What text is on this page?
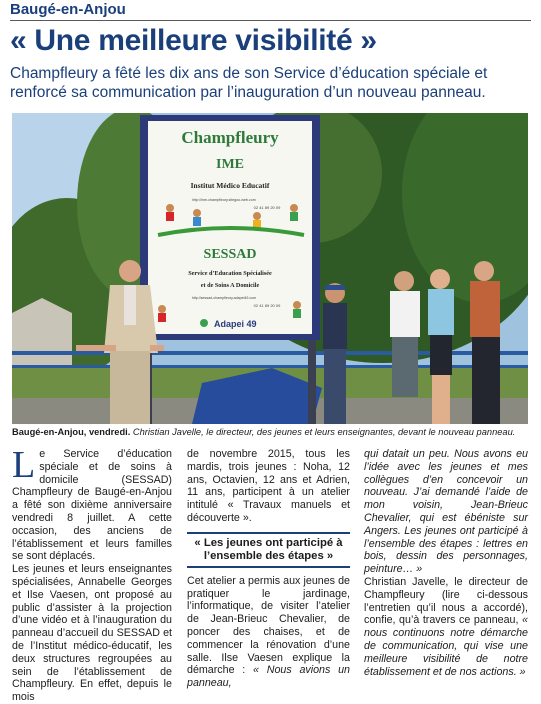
Baugé-en-Anjou
« Une meilleure visibilité »
Champfleury a fêté les dix ans de son Service d’éducation spéciale et renforcé sa communication par l’inauguration d’un nouveau panneau.
Champfleury
IME
Institut Médico Educatif
http://ime-champfleury.sitegoo-web.com
02 41 89 20 09
SESSAD
Service d’Education Spécialisée
et de Soins A Domicile
http://sessad-champfleury.adapei49.com
02 41 89 20 09
Adapei 49
Baugé-en-Anjou, vendredi. Christian Javelle, le directeur, des jeunes et leurs enseignantes, devant le nouveau panneau.
Le Service d’éducation spéciale et de soins à domicile (SESSAD) Champfleury de Baugé-en-Anjou a fêté son dixième anniversaire vendredi 8 juillet. A cette occasion, des anciens de l’établissement et leurs familles se sont déplacés.
Les jeunes et leurs enseignantes spécialisées, Annabelle Georges et Ilse Vaesen, ont proposé au public d’assister à la projection d’une vidéo et à l’inauguration du panneau d’accueil du SESSAD et de l’Institut médico-éducatif, les deux structures regroupées au sein de l’établissement de Champfleury. En effet, depuis le mois
de novembre 2015, tous les mardis, trois jeunes : Noha, 12 ans, Octavien, 12 ans et Adrien, 11 ans, participent à un atelier intitulé « Travaux manuels et découverte ».
« Les jeunes ont participé à l’ensemble des étapes »
Cet atelier a permis aux jeunes de pratiquer le jardinage, l’informatique, de visiter l’atelier de Jean-Brieuc Chevalier, de poncer des chaises, et de commencer la rénovation d’une salle. Ilse Vaesen explique la démarche : « Nous avions un panneau,
qui datait un peu. Nous avons eu l’idée avec les jeunes et mes collègues d’en concevoir un nouveau. J’ai demandé l’aide de mon voisin, Jean-Brieuc Chevalier, qui est ébéniste sur Angers. Les jeunes ont participé à l’ensemble des étapes : lettres en bois, dessin des personnages, peinture… »
Christian Javelle, le directeur de Champfleury (lire ci-dessous l’entretien qu’il nous a accordé), confie, qu’à travers ce panneau, « nous continuons notre démarche de communication, qui vise une meilleure visibilité de notre établissement et de nos actions. »
